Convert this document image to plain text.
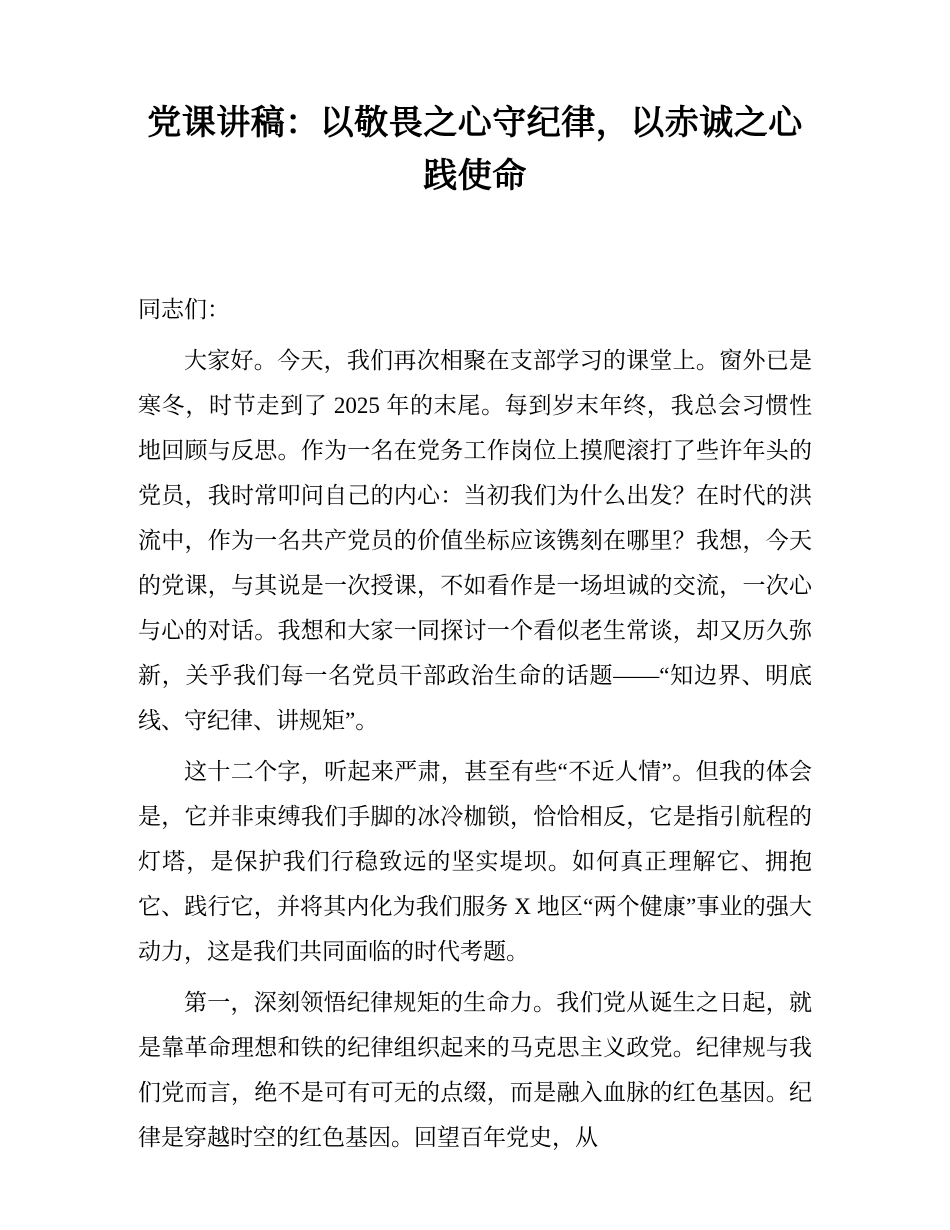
党课讲稿：以敬畏之心守纪律，以赤诚之心践使命

同志们：

大家好。今天，我们再次相聚在支部学习的课堂上。窗外已是寒冬，时节走到了 2025 年的末尾。每到岁末年终，我总会习惯性地回顾与反思。作为一名在党务工作岗位上摸爬滚打了些许年头的党员，我时常叩问自己的内心：当初我们为什么出发？在时代的洪流中，作为一名共产党员的价值坐标应该镌刻在哪里？我想，今天的党课，与其说是一次授课，不如看作是一场坦诚的交流，一次心与心的对话。我想和大家一同探讨一个看似老生常谈，却又历久弥新，关乎我们每一名党员干部政治生命的话题——“知边界、明底线、守纪律、讲规矩”。

这十二个字，听起来严肃，甚至有些“不近人情”。但我的体会是，它并非束缚我们手脚的冰冷枷锁，恰恰相反，它是指引航程的灯塔，是保护我们行稳致远的坚实堤坝。如何真正理解它、拥抱它、践行它，并将其内化为我们服务 X 地区“两个健康”事业的强大动力，这是我们共同面临的时代考题。

第一，深刻领悟纪律规矩的生命力。我们党从诞生之日起，就是靠革命理想和铁的纪律组织起来的马克思主义政党。纪律规与我们党而言，绝不是可有可无的点缀，而是融入血脉的红色基因。纪律是穿越时空的红色基因。回望百年党史，从
